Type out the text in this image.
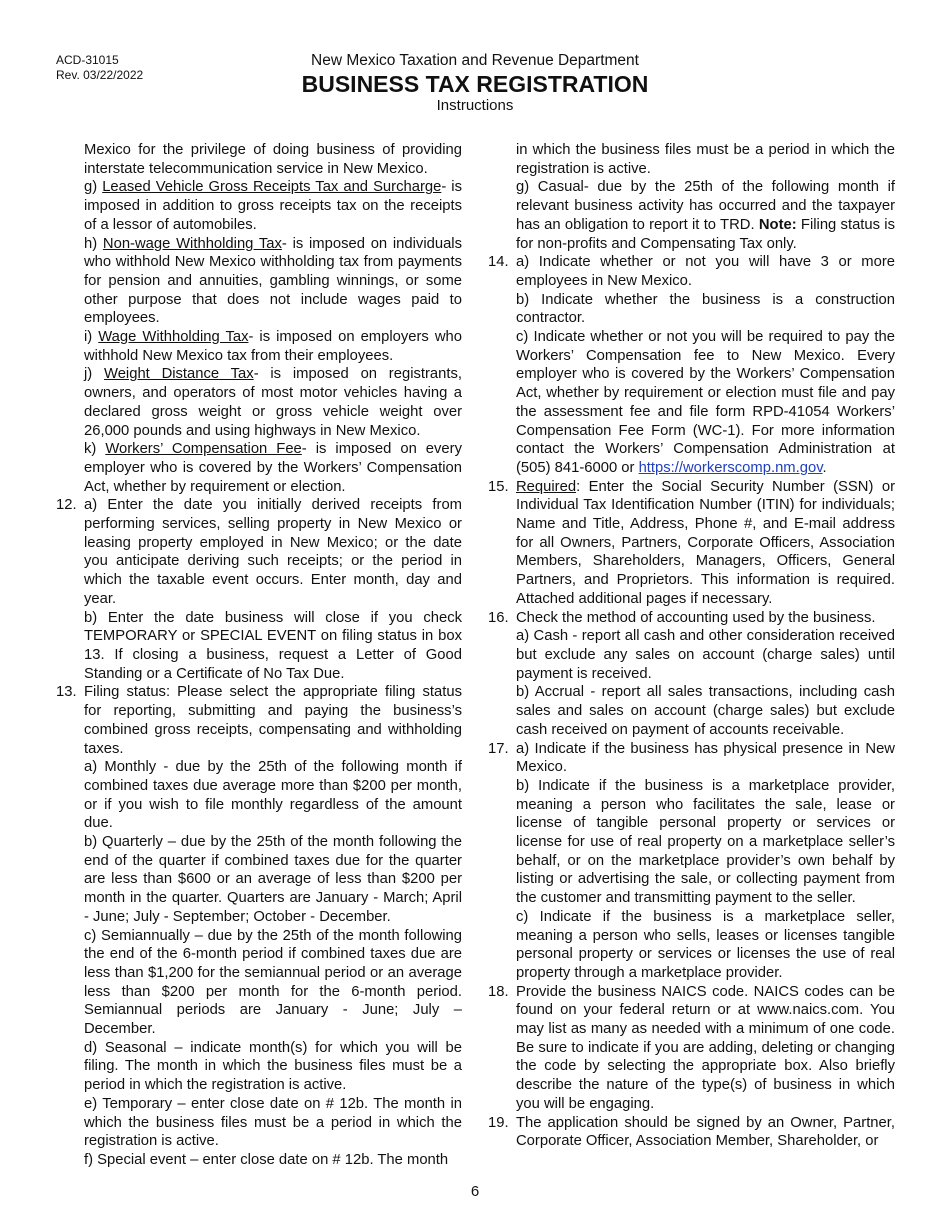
ACD-31015
Rev. 03/22/2022
New Mexico Taxation and Revenue Department
BUSINESS TAX REGISTRATION
Instructions

Mexico for the privilege of doing business of providing interstate telecommunication service in New Mexico.

g) Leased Vehicle Gross Receipts Tax and Surcharge- is imposed in addition to gross receipts tax on the receipts of a lessor of automobiles.

h) Non-wage Withholding Tax- is imposed on individuals who withhold New Mexico withholding tax from payments for pension and annuities, gambling winnings, or some other purpose that does not include wages paid to employees.

i) Wage Withholding Tax- is imposed on employers who withhold New Mexico tax from their employees.

j) Weight Distance Tax- is imposed on registrants, owners, and operators of most motor vehicles having a declared gross weight or gross vehicle weight over 26,000 pounds and using highways in New Mexico.

k) Workers’ Compensation Fee- is imposed on every employer who is covered by the Workers’ Compensation Act, whether by requirement or election.

12. a) Enter the date you initially derived receipts from performing services, selling property in New Mexico or leasing property employed in New Mexico; or the date you anticipate deriving such receipts; or the period in which the taxable event occurs. Enter month, day and year.

b) Enter the date business will close if you check TEMPORARY or SPECIAL EVENT on filing status in box 13. If closing a business, request a Letter of Good Standing or a Certificate of No Tax Due.

13. Filing status: Please select the appropriate filing status for reporting, submitting and paying the business’s combined gross receipts, compensating and withholding taxes.

a) Monthly - due by the 25th of the following month if combined taxes due average more than $200 per month, or if you wish to file monthly regardless of the amount due.

b) Quarterly – due by the 25th of the month following the end of the quarter if combined taxes due for the quarter are less than $600 or an average of less than $200 per month in the quarter. Quarters are January - March; April - June; July - September; October - December.

c) Semiannually – due by the 25th of the month following the end of the 6-month period if combined taxes due are less than $1,200 for the semiannual period or an average less than $200 per month for the 6-month period. Semiannual periods are January - June; July – December.

d) Seasonal – indicate month(s) for which you will be filing. The month in which the business files must be a period in which the registration is active.

e) Temporary – enter close date on # 12b. The month in which the business files must be a period in which the registration is active.

f) Special event – enter close date on # 12b. The month

in which the business files must be a period in which the registration is active.

g) Casual- due by the 25th of the following month if relevant business activity has occurred and the taxpayer has an obligation to report it to TRD. Note: Filing status is for non-profits and Compensating Tax only.

14. a) Indicate whether or not you will have 3 or more employees in New Mexico.

b) Indicate whether the business is a construction contractor.

c) Indicate whether or not you will be required to pay the Workers’ Compensation fee to New Mexico. Every employer who is covered by the Workers’ Compensation Act, whether by requirement or election must file and pay the assessment fee and file form RPD-41054 Workers’ Compensation Fee Form (WC-1). For more information contact the Workers’ Compensation Administration at (505) 841-6000 or https://workerscomp.nm.gov.

15. Required: Enter the Social Security Number (SSN) or Individual Tax Identification Number (ITIN) for individuals; Name and Title, Address, Phone #, and E-mail address for all Owners, Partners, Corporate Officers, Association Members, Shareholders, Managers, Officers, General Partners, and Proprietors. This information is required. Attached additional pages if necessary.

16. Check the method of accounting used by the business.

a) Cash - report all cash and other consideration received but exclude any sales on account (charge sales) until payment is received.

b) Accrual - report all sales transactions, including cash sales and sales on account (charge sales) but exclude cash received on payment of accounts receivable.

17. a) Indicate if the business has physical presence in New Mexico.

b) Indicate if the business is a marketplace provider, meaning a person who facilitates the sale, lease or license of tangible personal property or services or license for use of real property on a marketplace seller’s behalf, or on the marketplace provider’s own behalf by listing or advertising the sale, or collecting payment from the customer and transmitting payment to the seller.

c) Indicate if the business is a marketplace seller, meaning a person who sells, leases or licenses tangible personal property or services or licenses the use of real property through a marketplace provider.

18. Provide the business NAICS code. NAICS codes can be found on your federal return or at www.naics.com. You may list as many as needed with a minimum of one code. Be sure to indicate if you are adding, deleting or changing the code by selecting the appropriate box. Also briefly describe the nature of the type(s) of business in which you will be engaging.

19. The application should be signed by an Owner, Partner, Corporate Officer, Association Member, Shareholder, or

6
